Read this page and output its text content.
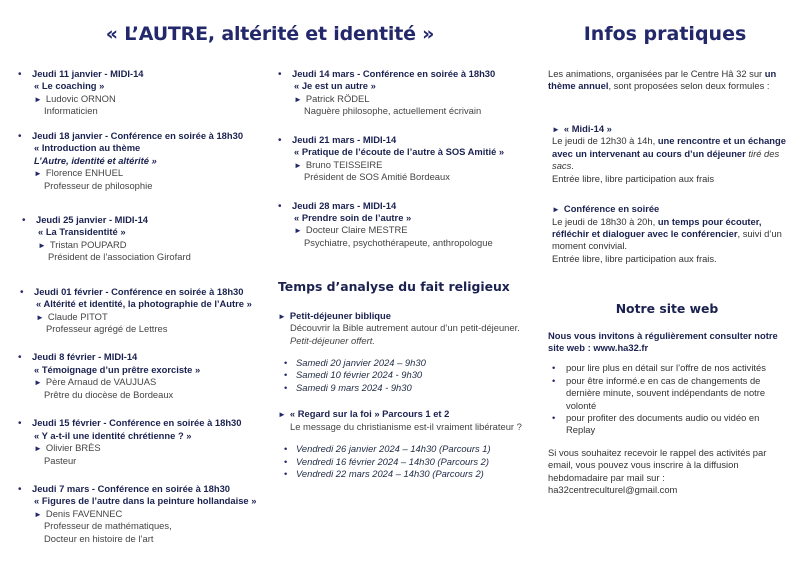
« L’AUTRE, altérité et identité »	Infos pratiques
• Jeudi 11 janvier - MIDI-14
« Le coaching »
► Ludovic ORNON
Informaticien
• Jeudi 18 janvier - Conférence en soirée à 18h30
« Introduction au thème
L’Autre, identité et altérité »
► Florence ENHUEL
Professeur de philosophie
• Jeudi 25 janvier - MIDI-14
« La Transidentité »
► Tristan POUPARD
Président de l’association Girofard
• Jeudi 01 février - Conférence en soirée à 18h30
« Altérité et identité, la photographie de l’Autre »
► Claude PITOT
Professeur agrégé de Lettres
• Jeudi 8 février - MIDI-14
« Témoignage d’un prêtre exorciste »
► Père Arnaud de VAUJUAS
Prêtre du diocèse de Bordeaux
• Jeudi 15 février - Conférence en soirée à 18h30
« Y a-t-il une identité chrétienne ? »
► Olivier BRÈS
Pasteur
• Jeudi 7 mars - Conférence en soirée à 18h30
« Figures de l’autre dans la peinture hollandaise »
► Denis FAVENNEC
Professeur de mathématiques,
Docteur en histoire de l’art
• Jeudi 14 mars - Conférence en soirée à 18h30
« Je est un autre »
► Patrick RÖDEL
Naguère philosophe, actuellement écrivain
• Jeudi 21 mars - MIDI-14
« Pratique de l’écoute de l’autre à SOS Amitié »
► Bruno TEISSEIRE
Président de SOS Amitié Bordeaux
• Jeudi 28 mars - MIDI-14
« Prendre soin de l’autre »
► Docteur Claire MESTRE
Psychiatre, psychothérapeute, anthropologue
Temps d’analyse du fait religieux
► Petit-déjeuner biblique
Découvrir la Bible autrement autour d’un petit-déjeuner. Petit-déjeuner offert.
• Samedi 20 janvier 2024 – 9h30
• Samedi 10 février 2024 - 9h30
• Samedi 9 mars 2024 - 9h30
► « Regard sur la foi » Parcours 1 et 2
Le message du christianisme est-il vraiment libérateur ?
• Vendredi 26 janvier 2024 – 14h30 (Parcours 1)
• Vendredi 16 février 2024 – 14h30 (Parcours 2)
• Vendredi 22 mars 2024 – 14h30 (Parcours 2)
Les animations, organisées par le Centre Hâ 32 sur un thème annuel, sont proposées selon deux formules :
► « Midi-14 »
Le jeudi de 12h30 à 14h, une rencontre et un échange avec un intervenant au cours d’un déjeuner tiré des sacs.
Entrée libre, libre participation aux frais
► Conférence en soirée
Le jeudi de 18h30 à 20h, un temps pour écouter, réfléchir et dialoguer avec le conférencier, suivi d’un moment convivial.
Entrée libre, libre participation aux frais.
Notre site web
Nous vous invitons à régulièrement consulter notre site web : www.ha32.fr
• pour lire plus en détail sur l’offre de nos activités
• pour être informé.e en cas de changements de dernière minute, souvent indépendants de notre volonté
• pour profiter des documents audio ou vidéo en Replay
Si vous souhaitez recevoir le rappel des activités par email, vous pouvez vous inscrire à la diffusion hebdomadaire par mail sur :
ha32centreculturel@gmail.com
